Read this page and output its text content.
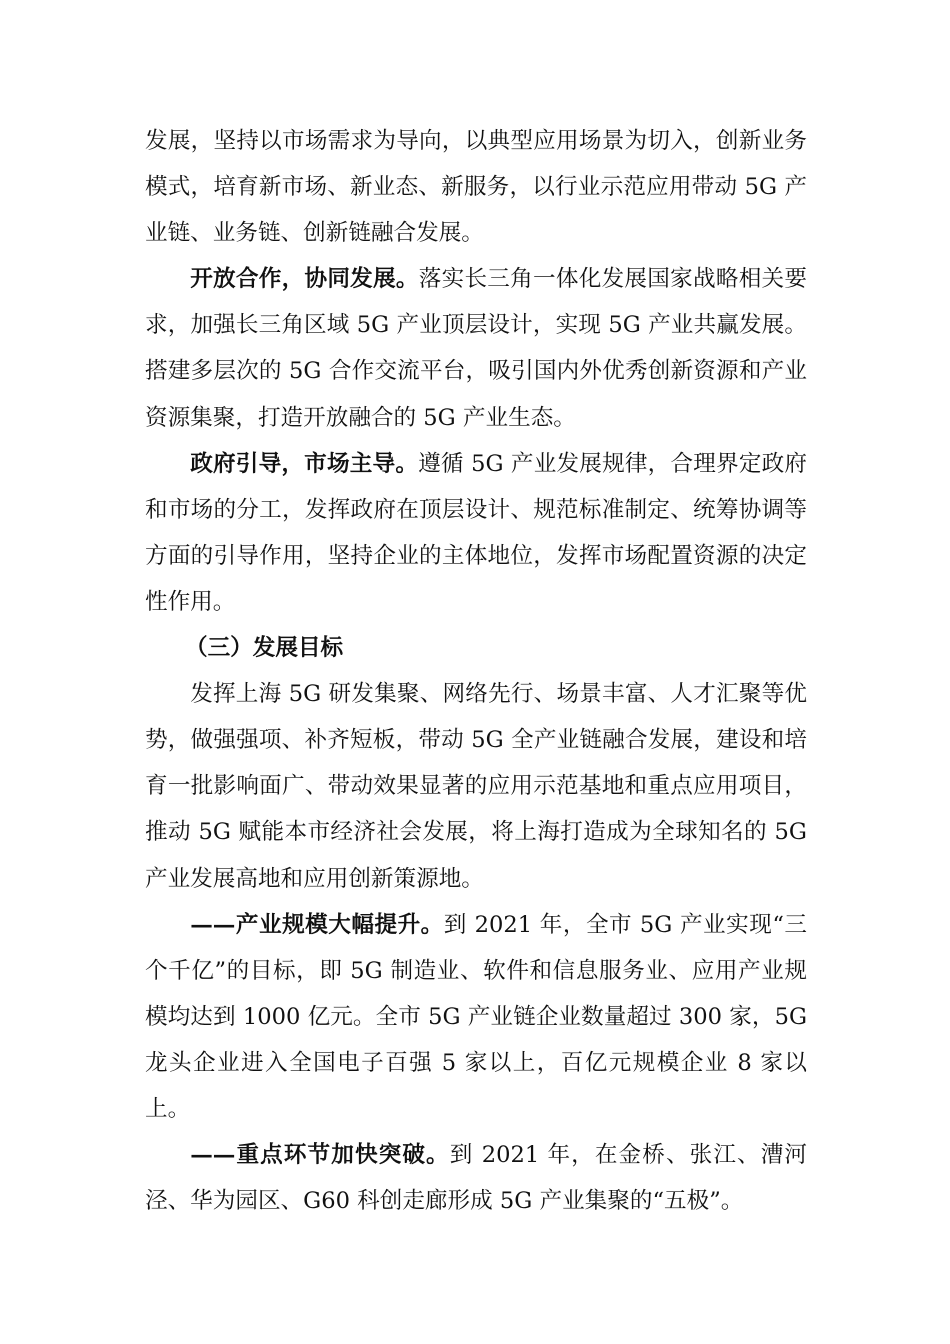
发展，坚持以市场需求为导向，以典型应用场景为切入，创新业务模式，培育新市场、新业态、新服务，以行业示范应用带动 5G 产业链、业务链、创新链融合发展。

开放合作，协同发展。落实长三角一体化发展国家战略相关要求，加强长三角区域 5G 产业顶层设计，实现 5G 产业共赢发展。搭建多层次的 5G 合作交流平台，吸引国内外优秀创新资源和产业资源集聚，打造开放融合的 5G 产业生态。

政府引导，市场主导。遵循 5G 产业发展规律，合理界定政府和市场的分工，发挥政府在顶层设计、规范标准制定、统筹协调等方面的引导作用，坚持企业的主体地位，发挥市场配置资源的决定性作用。

（三）发展目标

发挥上海 5G 研发集聚、网络先行、场景丰富、人才汇聚等优势，做强强项、补齐短板，带动 5G 全产业链融合发展，建设和培育一批影响面广、带动效果显著的应用示范基地和重点应用项目，推动 5G 赋能本市经济社会发展，将上海打造成为全球知名的 5G 产业发展高地和应用创新策源地。

——产业规模大幅提升。到 2021 年，全市 5G 产业实现“三个千亿”的目标，即 5G 制造业、软件和信息服务业、应用产业规模均达到 1000 亿元。全市 5G 产业链企业数量超过 300 家，5G 龙头企业进入全国电子百强 5 家以上，百亿元规模企业 8 家以上。

——重点环节加快突破。到 2021 年，在金桥、张江、漕河泾、华为园区、G60 科创走廊形成 5G 产业集聚的“五极”。
